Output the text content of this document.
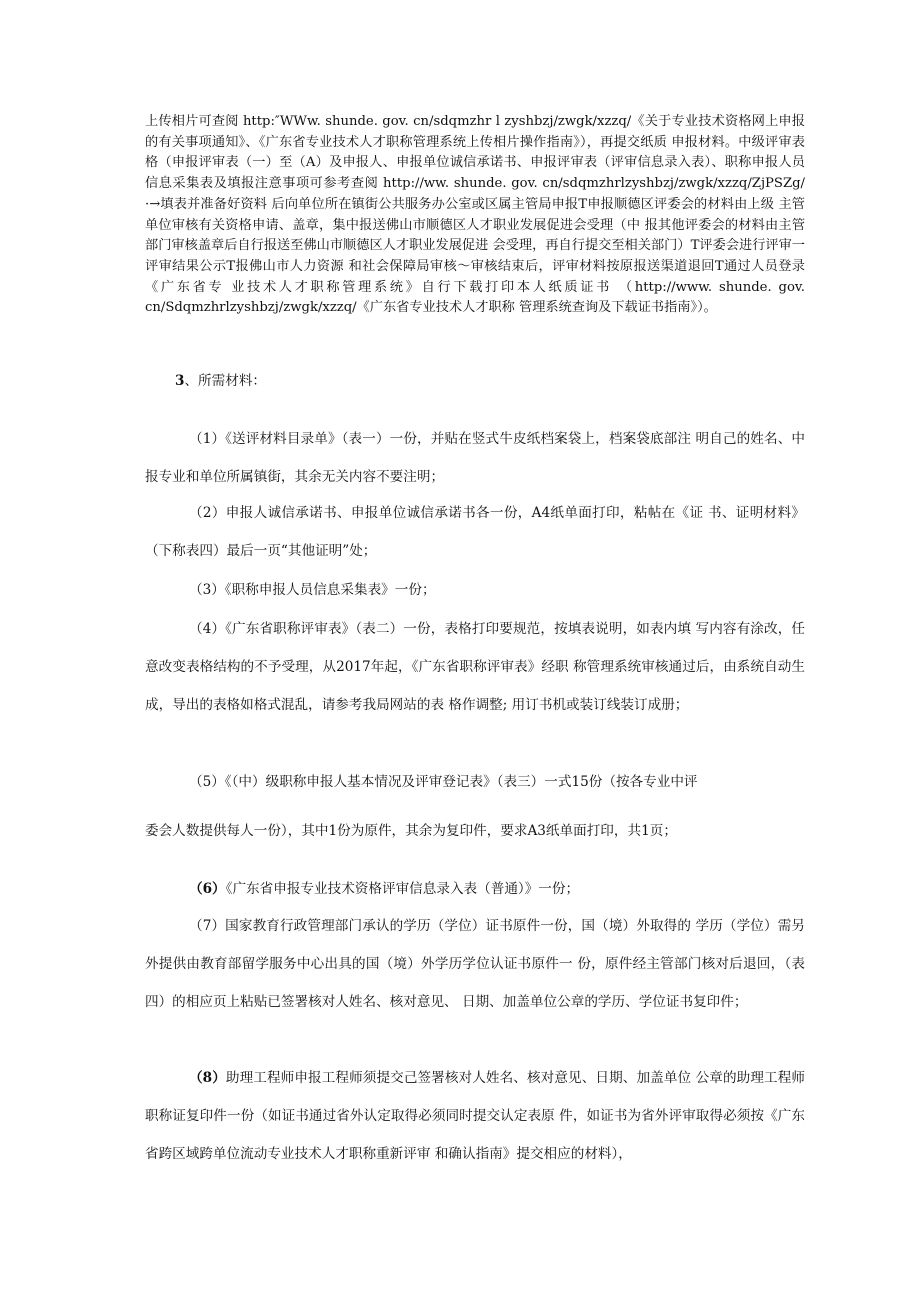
上传相片可查阅 http:″WWw. shunde. gov. cn/sdqmzhr l zyshbzj/zwgk/xzzq/《关于专业技术资格网上申报 的有关事项通知》、《广东省专业技术人才职称管理系统上传相片操作指南》），再提交纸质 申报材料。中级评审表格（申报评审表（一）至（A）及申报人、申报单位诚信承诺书、申报评审表（评审信息录入表）、职称申报人员信息采集表及填报注意事项可参考查阅 http://ww. shunde. gov. cn/sdqmzhrlzyshbzj/zwgk/xzzq/ZjPSZg/·→填表并准备好资料 后向单位所在镇街公共服务办公室或区属主管局申报T申报顺德区评委会的材料由上级 主管单位审核有关资格申请、盖章，集中报送佛山市顺德区人才职业发展促进会受理（中 报其他评委会的材料由主管部门审核盖章后自行报送至佛山市顺德区人才职业发展促进 会受理，再自行提交至相关部门）T评委会进行评审一评审结果公示T报佛山市人力资源 和社会保障局审核～审核结束后，评审材料按原报送渠道退回T通过人员登录《广东省专 业技术人才职称管理系统》自行下载打印本人纸质证书 （http://www. shunde. gov. cn/Sdqmzhrlzyshbzj/zwgk/xzzq/《广东省专业技术人才职称 管理系统查询及下载证书指南》）。

3、所需材料：

（1）《送评材料目录单》（表一）一份，并贴在竖式牛皮纸档案袋上，档案袋底部注 明自己的姓名、中报专业和单位所属镇街，其余无关内容不要注明；

（2）申报人诚信承诺书、申报单位诚信承诺书各一份，A4纸单面打印，粘帖在《证 书、证明材料》（下称表四）最后一页“其他证明”处；

（3）《职称申报人员信息采集表》一份；

（4）《广东省职称评审表》（表二）一份，表格打印要规范，按填表说明，如表内填 写内容有涂改，任意改变表格结构的不予受理，从2017年起，《广东省职称评审表》经职 称管理系统审核通过后，由系统自动生成，导出的表格如格式混乱，请参考我局网站的表 格作调整; 用订书机或装订线装订成册；

（5）《（中）级职称申报人基本情况及评审登记表》（表三）一式15份（按各专业中评

委会人数提供每人一份），其中1份为原件，其余为复印件，要求A3纸单面打印，共1页；

（6）《广东省申报专业技术资格评审信息录入表（普通）》一份；

（7）国家教育行政管理部门承认的学历（学位）证书原件一份，国（境）外取得的 学历（学位）需另外提供由教育部留学服务中心出具的国（境）外学历学位认证书原件一 份，原件经主管部门核对后退回，（表四）的相应页上粘贴已签署核对人姓名、核对意见、 日期、加盖单位公章的学历、学位证书复印件；

（8）助理工程师申报工程师须提交己签署核对人姓名、核对意见、日期、加盖单位 公章的助理工程师职称证复印件一份（如证书通过省外认定取得必须同时提交认定表原 件，如证书为省外评审取得必须按《广东省跨区域跨单位流动专业技术人才职称重新评审 和确认指南》提交相应的材料），
